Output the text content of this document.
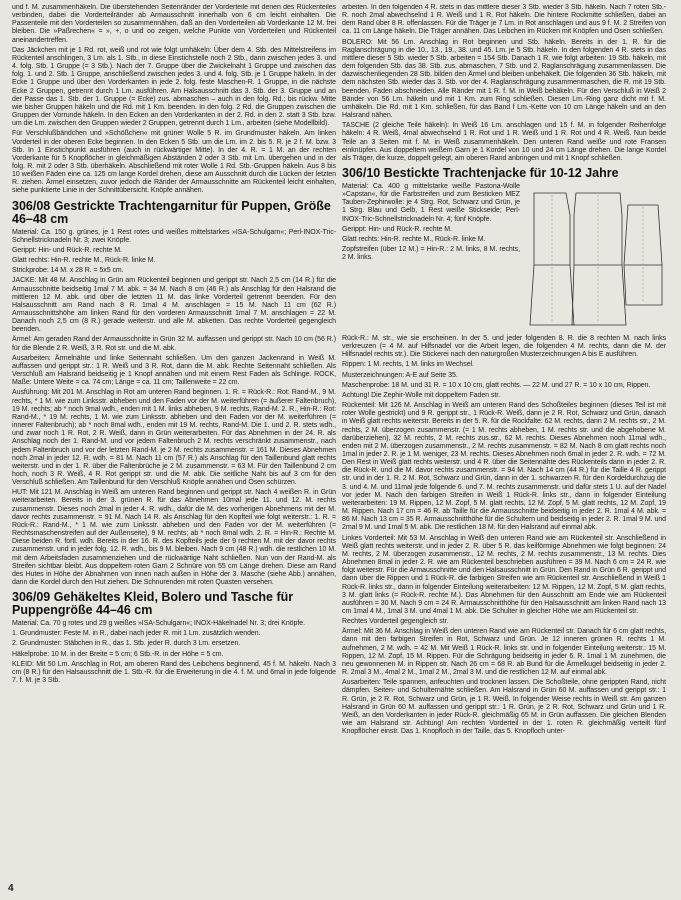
und f. M. zusammenhäkeln. Die überstehenden Seitenränder der Vorderteile mit denen des Rückenteiles verbinden, dabei die Vorderteilränder ab Armausschnitt innerhalb von 6 cm leicht einhalten. Die Passenteile mit den Vorderteilen so zusammennähen, daß an den Vorderteilen ab Vorderkante 12 M. frei bleiben. Die »Paßrechen« = », +, o und oo zeigen, welche Punkte von Vorderteilen und Rückenteil aneinandertreffen.

Das Jäckchen mit je 1 Rd. rot, weiß und rot wie folgt umhäkeln: Über dem 4. Stb. des Mittelstreifens im Rückenteil anschlingen, 3 Lm. als 1. Stb., in diese Einstichstelle noch 2 Stb., dann zwischen jedes 3. und 4. folg. Stb. 1 Gruppe (= 3 Stb.). Nach der 7. Gruppe über die Zwickelnaht 1 Gruppe und zwischen das folg. 1. und 2. Stb. 1 Gruppe, anschließend zwischen jedes 3. und 4. folg. Stb. je 1 Gruppe häkeln. In der Ecke 1 Gruppe und über den Vorderkanten in jede 2. folg. feste Maschen-R. 1 Gruppe, in die nächste Ecke 2 Gruppen, getrennt durch 1 Lm. ausführen. Am Halsausschnitt das 3. Stb. der 3. Gruppe und an der Passe das 1. Stb. der 1. Gruppe (= Ecke) zus. abmaschen – auch in den folg. Rd.; bis rückw. Mitte wie bisher Gruppen häkeln und die Rd. mit 1 Km. beenden. In den folg. 2 Rd. die Gruppen zwischen die Gruppen der Vorrunde häkeln. In den Ecken an den Vorderkanten in der 2. Rd. in den 2. statt 3 Stb. bzw. um die Lm. zwischen den Gruppen wieder 2 Gruppen, getrennt durch 1 Lm., arbeiten (siehe Modellbild).

Für Verschlußbändchen und »Schößchen« mit grüner Wolle 5 R. im Grundmuster häkeln. Am linken Vorderteil in der oberen Ecke beginnen. In den Ecken 5 Stb. um die Lm. im 2. bis 5. R. je 2 f. M. bzw. 3 Stb. In 1 Einstichpunkt ausführen (auch in rückwärtiger Mitte). In der 4. R. = 1 M. an der rechten Vorderkante für 5 Knopflöcher in gleichmäßigen Abständen 2 oder 3 Stb. mit Lm. übergehen und in der folg. R. mit 2 oder 3 Stb. überhäkeln. Abschließend mit roter Wolle 1 Rd. Stb.-Gruppen häkeln. Aus 8 bis 10 weißen Fäden eine ca. 125 cm lange Kordel drehen, diese am Ausschnitt durch die Lücken der letzten R. ziehen. Ärmel einsetzen, zuvor jedoch die Ränder der Armausschnitte am Rückenteil leicht einhalten, siehe punktierte Linie in der Schnittübersicht. Knöpfe annähen.

306/08 Gestrickte Trachtengarnitur für Puppen, Größe 46–48 cm

Material: Ca. 150 g. grünes, je 1 Rest rotes und weißes mittelstarkes »ISA-Schulgarn«; Perl-INOX-Tric-Schnellstricknadeln Nr. 3; zwei Knöpfe.

Gerippt: Hin- und Rück-R. rechte M.

Glatt rechts: Hin-R. rechte M., Rück-R. linke M.

Strickprobe: 14 M. x 28 R. = 5x5 cm.

JACKE: Mit 48 M. Anschlag in Grün am Rückenteil beginnen und gerippt str. Nach 2,5 cm (14 R.) für die Armausschnitte beidseitig 1mal 7 M. abk. = 34 M. Nach 8 cm (46 R.) als Anschlag für den Halsrand die mittleren 12 M. abk. und über die letzten 11 M. das linke Vorderteil getrennt beenden. Für den Halsausschnitt am Rand nach 8 R. 1mal 4 M. anschlagen = 15 M. Nach 11 cm (62 R.) Armausschnittshöhe am linken Rand für den vorderen Armausschnitt 1mal 7 M. anschlagen = 22 M. Danach noch 2,5 cm (8 R.) gerade weiterstr. und alle M. abketten. Das rechte Vorderteil gegengleich beenden.

Ärmel: Am geraden Rand der Armausschnitte in Grün 32 M. auffassen und gerippt str. Nach 10 cm (56 R.) für die Blende 2 R. Weiß, 3 R. Rot str. und die M. abk.

Ausarbeiten: Ärmelnähte und linke Seitennaht schließen. Um den ganzen Jackenrand in Weiß M. auffassen und gerippt str.: 1 R. Weiß und 3 R. Rot, dann die M. abk. Rechte Seitennaht schließen. Als Verschluß am Halsrand beidseitig je 1 Knopf annähen und mit einem Rest Faden als Schlinge. ROCK, Maße: Untere Weite = ca. 74 cm; Länge = ca. 11 cm; Taillenweite = 22 cm.

Ausführung: Mit 201 M. Anschlag in Rot am unteren Rand beginnen. 1. R. = Rück-R.: Rot: Rand-M., 9 M. rechts, * 1 M. wie zum Linksstr. abheben und den Faden vor der M. weiterführen (= äußerer Faltenbruch), 19 M. rechts; ab * noch 9mal wdh., enden mit 1 M. links abheben, 9 M. rechts, Rand-M. 2. R., Hin-R.: Rot: Rand-M., * 19 M. rechts, 1 M. wie zum Linksstr. abheben und den Faden vor der M. weiterführen (= innerer Faltenbruch); ab * noch 8mal wdh., enden mit 19 M. rechts, Rand-M. Die 1. und 2. R. stets wdh., und zwar noch 1 R. Rot, 2 R. Weiß, dann in Grün weiterarbeiten. Für das Abnehmen in der 24. R. als Anschlag noch der 1. Rand-M. und vor jedem Faltenbruch 2 M. rechts verschränkt zusammenstr., nach jedem Faltenbruch und vor der letzten Rand-M. je 2 M. rechts zusammenstr. = 161 M. Dieses Abnehmen noch 2mal in jeder 12. R. wdh. = 81 M. Nach 11 cm (57 R.) als Anschlag für den Taillenbund glatt rechts weiterstr. und in der 1. R. über die Faltenbrüche je 2 M. zusammenstr. = 63 M. Für den Taillenbund 2 cm hoch, noch 3 R. Weiß, 4 R. Rot gerippt str. und die M. abk. Die seitliche Naht bis auf 3 cm für den Verschluß schließen. Am Taillenbund für den Verschluß Knöpfe annähen und Ösen schürzen.

HUT: Mit 121 M. Anschlag in Weiß am unteren Rand beginnen und gerippt str. Nach 4 weißen R. in Grün weiterarbeiten. Bereits in der 3. grünen R. für das Abnehmen 10mal jede 11. und 12. M. rechts zusammenstr. Dieses noch 2mal in jeder 4. R. wdh., dafür die M. des vorherigen Abnehmens mit der M. davor rechts zusammenstr. = 91 M. Nach 14 R. als Anschlag für den Kopfteil wie folgt weiterstr.: 1. R. = Rück-R.: Rand-M., * 1 M. wie zum Linksstr. abheben und den Faden vor der M. weiterführen (= Rechtsmaschenstreifen auf der Außenseite), 9 M. rechts; ab * noch 8mal wdh. 2. R. = Hin-R.: Rechte M. Diese beiden R. fortl. wdh. Bereits in der 16. R. des Kopfteils jede der 9 rechten M. mit der davor rechts zusammenstr. und in jeder folg. 12. R. wdh., bis 9 M. bleiben. Nach 9 cm (48 R.) wdh. die restlichen 10 M. mit dem Arbeitsfaden zusammenziehen und die rückwärtige Naht schließen. Nun von der Rand-M. als Streifen sichtbar bleibt. Aus doppeltem roten Garn 2 Schnüre von 55 cm Länge drehen. Diese am Rand des Hutes in Höhe der Abnahmen von innen nach außen in Höhe der 3. Masche (siehe Abb.) annähen, dann die Kordel durch den Hut ziehen. Die Schnurenden mit roten Quasten versehen.

306/09 Gehäkeltes Kleid, Bolero und Tasche für Puppengröße 44–46 cm

Material: Ca. 70 g rotes und 29 g weißes »ISA-Schulgarn«; INOX-Häkelnadel Nr. 3; drei Knöpfe.

1. Grundmuster: Feste M. in R., dabei nach jeder R. mit 1 Lm. zusätzlich wenden.

2. Grundmuster: Stäbchen in R., das 1. Stb. jeder R. durch 3 Lm. ersetzen.

Häkelprobe: 10 M. in der Breite = 5 cm; 6 Stb.-R. in der Höhe = 5 cm.

KLEID: Mit 50 Lm. Anschlag in Rot, am oberen Rand des Leibchens beginnend, 45 f. M. häkeln. Nach 3 cm (8 R.) für den Halsausschnitt die 1. Stb.-R. für die Erweiterung in die 4. f. M. und 6mal in jede folgende 7. f. M. je 3 Stb.

arbeiten. In den folgenden 4 R. stets in das mittlere dieser 3 Stb. wieder 3 Stb. häkeln. Nach 7 roten Stb.-R. noch 2mal abwechselnd 1 R. Weiß und 1 R. Rot häkeln. Die hintere Rockmitte schließen, dabei an dem Rand über 8 R. offenlassen. Für die Träger je 7 Lm. in Rot anschlagen und aus 9 f. M. 2 Streifen von ca. 11 cm Länge häkeln. Die Träger annähen. Das Leibchen im Rücken mit Knöpfen und Ösen schließen.

BOLERO: Mit 56 Lm. Anschlag in Rot beginnen und Stb. häkeln. Bereits in der 1. R. für die Raglanschrägung in die 10., 13., 19., 38. und 45. Lm. je 5 Stb. häkeln. In den folgenden 4 R. stets in das mittlere dieser 5 Stb. wieder 5 Stb. arbeiten = 154 Stb. Danach 1 R. wie folgt arbeiten: 19 Stb. häkeln, mit dem folgenden Stb. das 38. Stb. zus. abmaschen, 7 Stb. und 2. Raglanschrägung zusammenlassen. Die dazwischenliegenden 28 Stb. bilden den Ärmel und bleiben unbehäkelt. Die folgenden 36 Stb. häkeln, mit dem nächsten Stb. wieder das 3. Stb. vor der 4. Raglanschrägung zusammenmaschen, die R. mit 19 Stb. beenden. Faden abschneiden. Alle Ränder mit 1 R. f. M. in Weiß behäkeln. Für den Verschluß in Weiß 2 Bänder von 56 Lm. häkeln und mit 1 Km. zum Ring schließen. Diesen Lm.-Ring ganz dicht mit f. M. umhäkeln. Die Rd. mit 1 Km. schließen, für das Band f Lm.-Kette von 10 cm Länge häkeln und an den Halsrand nähen.

TASCHE (2 gleiche Teile häkeln): In Weiß 16 Lm. anschlagen und 15 f. M. in folgender Reihenfolge häkeln: 4 R. Weiß, 4mal abwechselnd 1 R. Rot und 1 R. Weiß und 1 R. Rot und 4 R. Weiß. Nun beide Teile an 3 Seiten mit f. M. in Weiß zusammenhäkeln. Den unteren Rand weiße und rote Fransen einknüpfen. Aus doppeltem weißem Garn je 1 Kordel von 10 und 24 cm Länge drehen. Die lange Kordel als Träger, die kurze, doppelt gelegt, am oberen Rand anbringen und mit 1 Knopf schließen.

306/10 Bestickte Trachtenjacke für 10-12 Jahre

Material: Ca. 400 g mittelstarke weiße Pastona-Wolle »Capstan«, für die Farbstreifen und zum Besticken MEZ Tauben-Zephirwolle: je 4 Strg. Rot, Schwarz und Grün, je 1 Strg. Blau und Gelb, 1 Rest weiße Stickseide; Perl-INOX-Tric-Schnellstricknadeln Nr. 4; fünf Knöpfe.

Gerippt: Hin- und Rück-R. rechte M.

Glatt rechts: Hin-R. rechte M., Rück-R. linke M.

Zopfstreifen (über 12 M.) = Hin-R.: 2 M. links, 8 M. rechts, 2 M. links.

Rück-R.: M. str., wie sie erscheinen. In der 5. und jeder folgenden 8. R. die 8 rechten M. nach links verkreuzen (= 4 M. auf Hilfsnadel vor die Arbeit legen, die folgenden 4 M. rechts, dann die M. der Hilfsnadel rechts str.). Die Stickerei nach den naturgroßen Musterzeichnungen A bis E ausführen.

Rippen: 1 M. rechts, 1 M. links im Wechsel.

Musterzeichnungen: A-E auf Seite 35.

Maschenprobe: 18 M. und 31 R. = 10 x 10 cm, glatt rechts. — 22 M. und 27 R. = 10 x 10 cm, Rippen.

Achtung! Die Zephir-Wolle mit doppeltem Faden str.

Rückenteil: Mit 126 M. Anschlag in Weiß am unteren Rand des Schoßteiles beginnen (dieses Teil ist mit roter Wolle gestrickt) und 9 R. gerippt str., 1 Rück-R. Weiß, dann je 2 R. Rot, Schwarz und Grün, danach in Weiß glatt rechts weiterstr. Bereits in der 5. R. für die Rockfalte: 62 M. rechts, dann 2 M. rechts str., 2 M. rechts, 2 M. überzogen zusammenstr. (= 1 M. rechts abheben, 1 M. rechts str. und die abgehobene M. darüberziehen), 32 M. rechts, 2 M. rechts zus.str., 62 M. rechts. Dieses Abnehmen noch 11mal wdh., enden mit 2 M. überzogen zusammenstr., 2 M. rechts zusammenstr. = 82 M. Nach 8 cm glatt rechts noch 1mal in jeder 2. R. je 1 M. weniger, 23 M. rechts. Dieses Abnehmen noch 6mal in jeder 2. R. wdh. = 72 M. Den Rest in Weiß glatt rechts weiterstr. und 4 R. über die Seitennähte des Rückenteils dann in jeder 2. R. die Rück-R. und die M. davor rechts zusammenstr. = 94 M. Nach 14 cm (44 R.) für die Taille 4 R. gerippt str. und in der 1. R. 2 M. Rot, Schwarz und Grün, dann in der 1. schwarzen R. für den Kordeldurchzug die 3. und 4. M. und 11mal jede folgende 6. und 7. M. rechts zusammenstr. und dafür stets 1 U. auf der Nadel vor jeder M. Nach den farbigen Streifen in Weiß 1 Rück-R. links str., dann in folgender Einteilung weiterarbeiten: 19 M. Rippen, 12 M. Zopf, 5 M. glatt rechts, 12 M. Zopf, 5 M. glatt rechts, 12 M. Zopf, 19 M. Rippen. Nach 17 cm = 46 R. ab Taille für die Armausschnitte beidseitig in jeder 2. R. 1mal 4 M. abk. = 86 M. Nach 13 cm = 35 R. Armausschnitthöhe für die Schultern und beidseitig in jeder 2. R. 1mal 9 M. und 2mal 9 M. und 1mal 5 M. abk. Die restlichen 18 M. für den Halsrand auf einmal abk.

Linkes Vorderteil: Mit 53 M. Anschlag in Weiß den unteren Rand wie am Rückenteil str. Anschließend in Weiß glatt rechts weiterstr. und in jeder 2. R. über 5 R. das keilförmige Abnehmen wie folgt beginnen: 24 M. rechts, 2 M. überzogen zusammenstr., 12 M. rechts, 2 M. rechts zusammenstr., 13 M. rechts. Dies Abnehmen 8mal in jeder 2. R. wie am Rückenteil beschrieben ausführen = 39 M. Nach 6 cm = 24 R. wie folgt weiterstr. Für die Armausschnitte und den Halsausschnitt in Grün. Den Rand in Grün 6 R. gerippt und dann über die Rippen und 1 Rück-R. die farbigen Streifen wie am Rückenteil str. Anschließend in Weiß 1 Rück-R. links str., dann in folgender Einteilung weiterarbeiten: 12 M. Rippen, 12 M. Zopf, 5 M. glatt rechts, 3 M. glatt links (= Rück-R. rechte M.). Das Abnehmen für den Ausschnitt am Ende wie am Rückenteil ausführen = 30 M. Nach 9 cm = 24 R. Armausschnitthöhe für den Halsausschnitt am linken Rand nach 13 cm 1mal 4 M., 1mal 3 M. und 4mal 1 M. abk. Die Schulter in gleicher Höhe wie am Rückenteil str.

Rechtes Vorderteil gegengleich str.

Ärmel: Mit 36 M. Anschlag in Weiß den unteren Rand wie am Rückenteil str. Danach für 6 cm glatt rechts, dann mit den farbigen Streifen in Rot, Schwarz und Grün. Je 12 inneren grünen R. rechts 1 M. aufnehmen, 2 M. wdh. = 42 M. Mit Weiß 1 Rück-R. links str. und in folgender Einteilung weiterstr.: 15 M. Rippen, 12 M. Zopf, 15 M. Rippen. Für die Schrägung beidseitig in jeder 6. R. 1mal 1 M. zunehmen, die neu gewonnenen M. in Rippen str. Nach 26 cm = 68 R. ab Bund für die Ärmelkugel beidseitig in jeder 2. R. 2mal 3 M., 4mal 2 M., 1mal 2 M., 2mal 3 M. und die restlichen 12 M. auf einmal abk.

Ausarbeiten: Teile spannen, anfeuchten und trocknen lassen. Die Schoßteile, ohne gerippten Rand, nicht dämpfen. Seiten- und Schulternähte schließen. Am Halsrand in Grün 60 M. auffassen und gerippt str.: 1 R. Grün, je 2 R. Rot, Schwarz und Grün, je 1 R. Weiß. In folgender Weise rechts in Weiß str. Am ganzen Halsrand in Grün 60 M. auffassen und gerippt str.: 1 R. Grün, je 2 R. Rot, Schwarz und Grün und 1 R. Weiß, an den Vorderkanten in jeder Rück-R. gleichmäßig 65 M. in Grün auffassen. Die gleichen Blenden wie am Halsrand str. Achtung! Am rechten Vorderteil in der 1. roten R. gleichmäßig verteilt fünf Knopflöcher einstr. Das 1. Knopfloch in der Taille, das 5. Knopfloch unter-

4
